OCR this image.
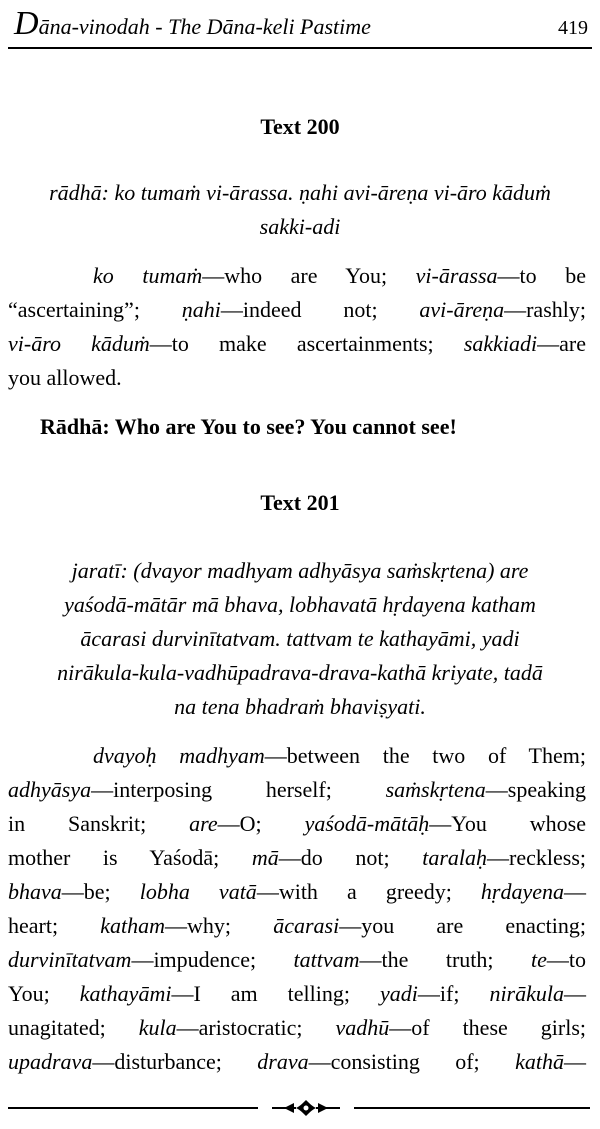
Dāna-vinodah - The Dāna-keli Pastime	419
Text 200
rādhā: ko tumaṁ vi-ārassa. ṇahi avi-āreṇa vi-āro kāduṁ
sakki-adi
ko tumaṁ—who are You; vi-ārassa—to be
“ascertaining”; ṇahi—indeed not; avi-āreṇa—rashly;
vi-āro kāduṁ—to make ascertainments; sakkiadi—are
you allowed.
Rādhā: Who are You to see? You cannot see!
Text 201
jaratī: (dvayor madhyam adhyāsya saṁskṛtena) are
yaśodā-mātār mā bhava, lobhavatā hṛdayena katham
ācarasi durvinītatvam. tattvam te kathayāmi, yadi
nirākula-kula-vadhūpadrava-drava-kathā kriyate, tadā
na tena bhadraṁ bhaviṣyati.
dvayoḥ madhyam—between the two of Them;
adhyāsya—interposing herself; saṁskṛtena—speaking
in Sanskrit; are—O; yaśodā-mātāḥ—You whose
mother is Yaśodā; mā—do not; taralaḥ—reckless;
bhava—be; lobha vatā—with a greedy; hṛdayena—
heart; katham—why; ācarasi—you are enacting;
durvinītatvam—impudence; tattvam—the truth; te—to
You; kathayāmi—I am telling; yadi—if; nirākula—
unagitated; kula—aristocratic; vadhū—of these girls;
upadrava—disturbance; drava—consisting of; kathā—
